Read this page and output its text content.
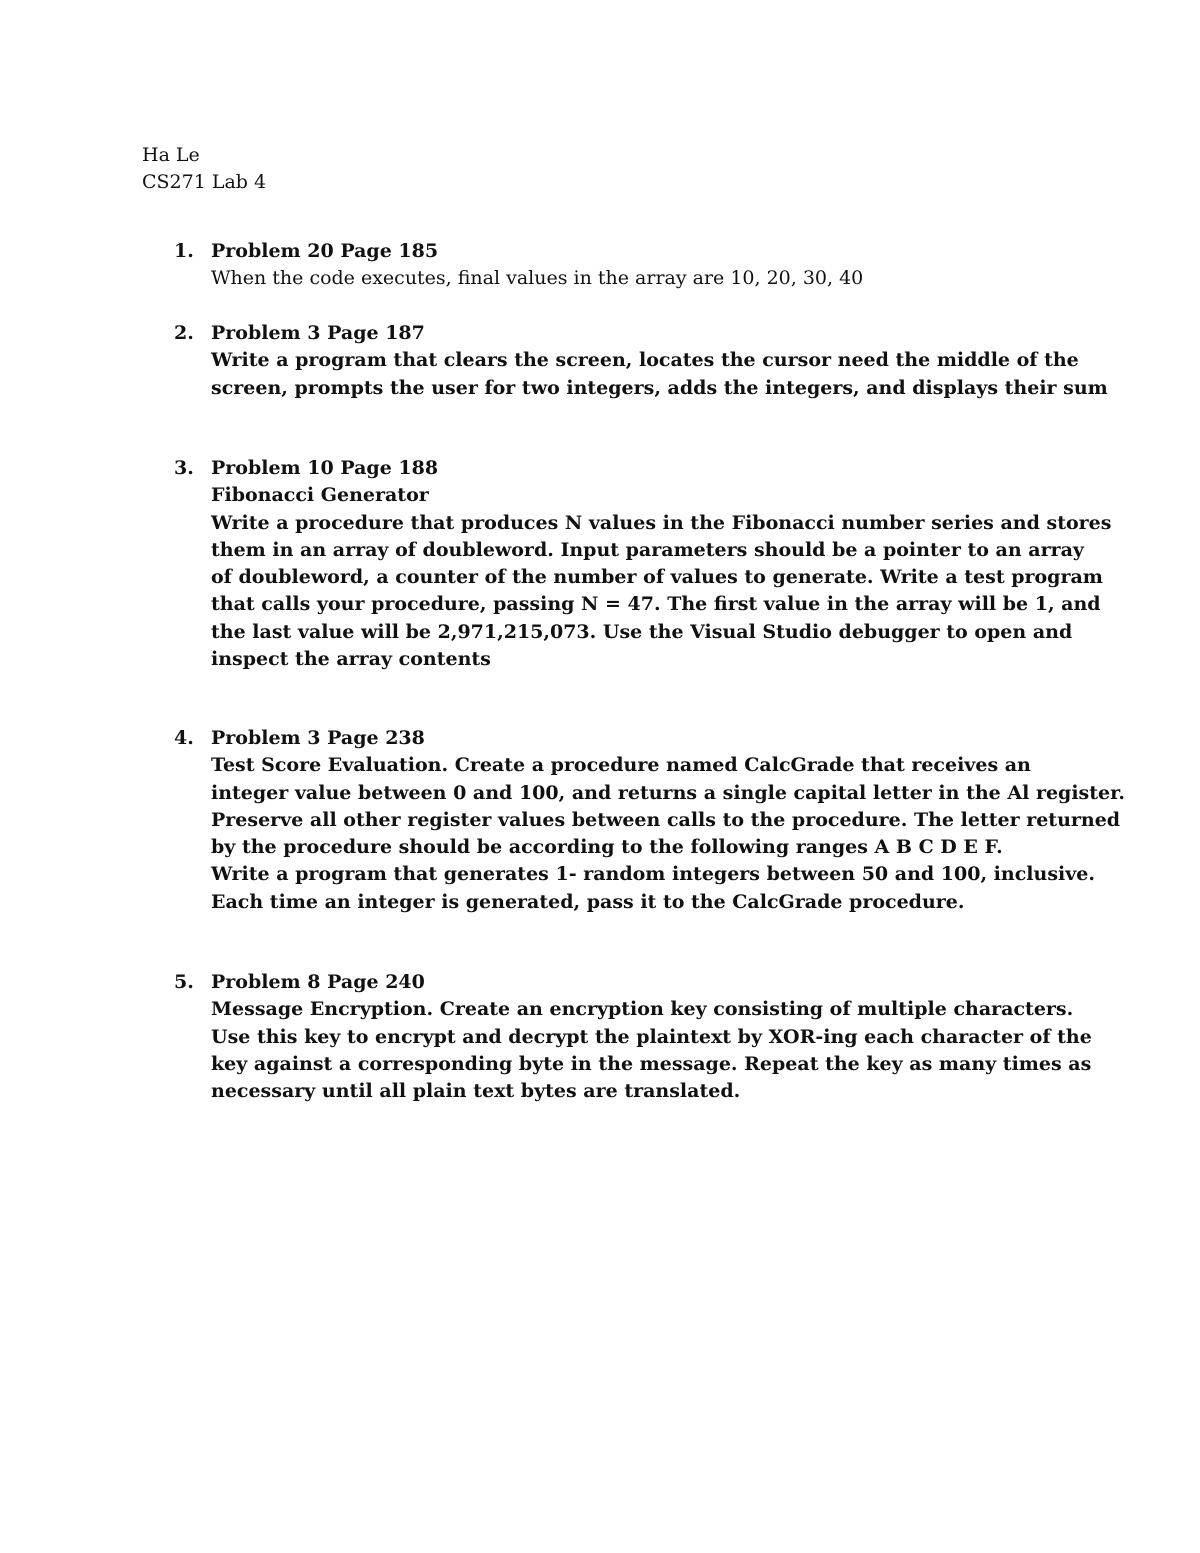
Ha Le
CS271 Lab 4
1. Problem 20 Page 185
When the code executes, final values in the array are 10, 20, 30, 40
2. Problem 3 Page 187
Write a program that clears the screen, locates the cursor need the middle of the
screen, prompts the user for two integers, adds the integers, and displays their sum
3. Problem 10 Page 188
Fibonacci Generator
Write a procedure that produces N values in the Fibonacci number series and stores
them in an array of doubleword. Input parameters should be a pointer to an array
of doubleword, a counter of the number of values to generate. Write a test program
that calls your procedure, passing N = 47. The first value in the array will be 1, and
the last value will be 2,971,215,073. Use the Visual Studio debugger to open and
inspect the array contents
4. Problem 3 Page 238
Test Score Evaluation. Create a procedure named CalcGrade that receives an
integer value between 0 and 100, and returns a single capital letter in the Al register.
Preserve all other register values between calls to the procedure. The letter returned
by the procedure should be according to the following ranges A B C D E F.
Write a program that generates 1- random integers between 50 and 100, inclusive.
Each time an integer is generated, pass it to the CalcGrade procedure.
5. Problem 8 Page 240
Message Encryption. Create an encryption key consisting of multiple characters.
Use this key to encrypt and decrypt the plaintext by XOR-ing each character of the
key against a corresponding byte in the message. Repeat the key as many times as
necessary until all plain text bytes are translated.
